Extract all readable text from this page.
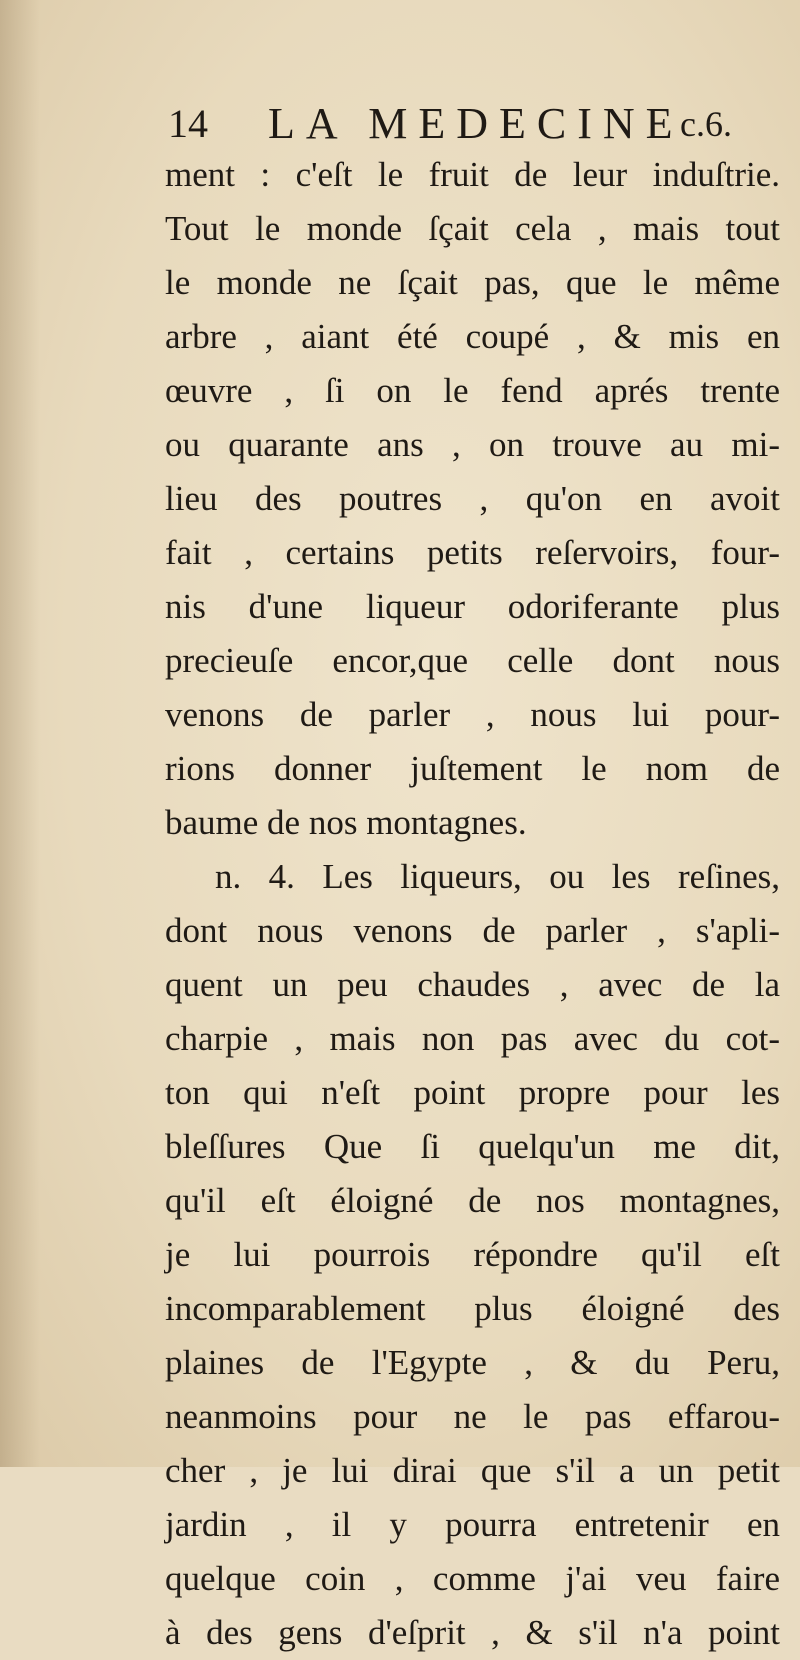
14 LA MEDECINE
c.6.
ment : c'eſt le fruit de leur induſtrie.
Tout le monde ſçait cela , mais tout
le monde ne ſçait pas, que le même
arbre , aiant été coupé , & mis en
œuvre , ſi on le fend aprés trente
ou quarante ans , on trouve au mi-
lieu des poutres , qu'on en avoit
fait , certains petits reſervoirs, four-
nis d'une liqueur odoriferante plus
precieuſe encor,que celle dont nous
venons de parler , nous lui pour-
rions donner juſtement le nom de
baume de nos montagnes.
n. 4. Les liqueurs, ou les reſines,
dont nous venons de parler , s'apli-
quent un peu chaudes , avec de la
charpie , mais non pas avec du cot-
ton qui n'eſt point propre pour les
bleſſures Que ſi quelqu'un me dit,
qu'il eſt éloigné de nos montagnes,
je lui pourrois répondre qu'il eſt
incomparablement plus éloigné des
plaines de l'Egypte , & du Peru,
neanmoins pour ne le pas effarou-
cher , je lui dirai que s'il a un petit
jardin , il y pourra entretenir en
quelque coin , comme j'ai veu faire
à des gens d'eſprit , & s'il n'a point
